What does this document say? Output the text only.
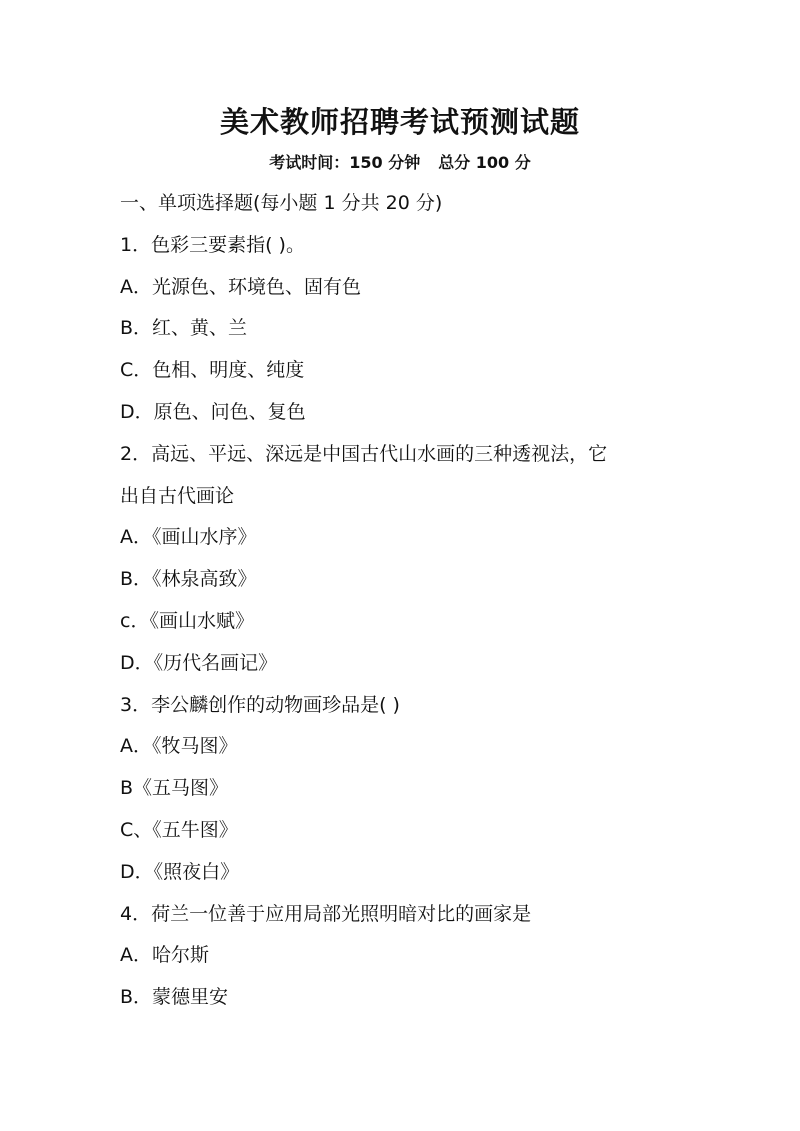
美术教师招聘考试预测试题
考试时间：150 分钟 总分 100 分
一、单项选择题(每小题 1 分共 20 分)
1．色彩三要素指( )。
A．光源色、环境色、固有色
B．红、黄、兰
C．色相、明度、纯度
D．原色、问色、复色
2．高远、平远、深远是中国古代山水画的三种透视法，它
出自古代画论
A．《画山水序》
B．《林泉高致》
c．《画山水赋》
D．《历代名画记》
3．李公麟创作的动物画珍品是( )
A．《牧马图》
B《五马图》
C、《五牛图》
D．《照夜白》
4．荷兰一位善于应用局部光照明暗对比的画家是
A．哈尔斯
B．蒙德里安
